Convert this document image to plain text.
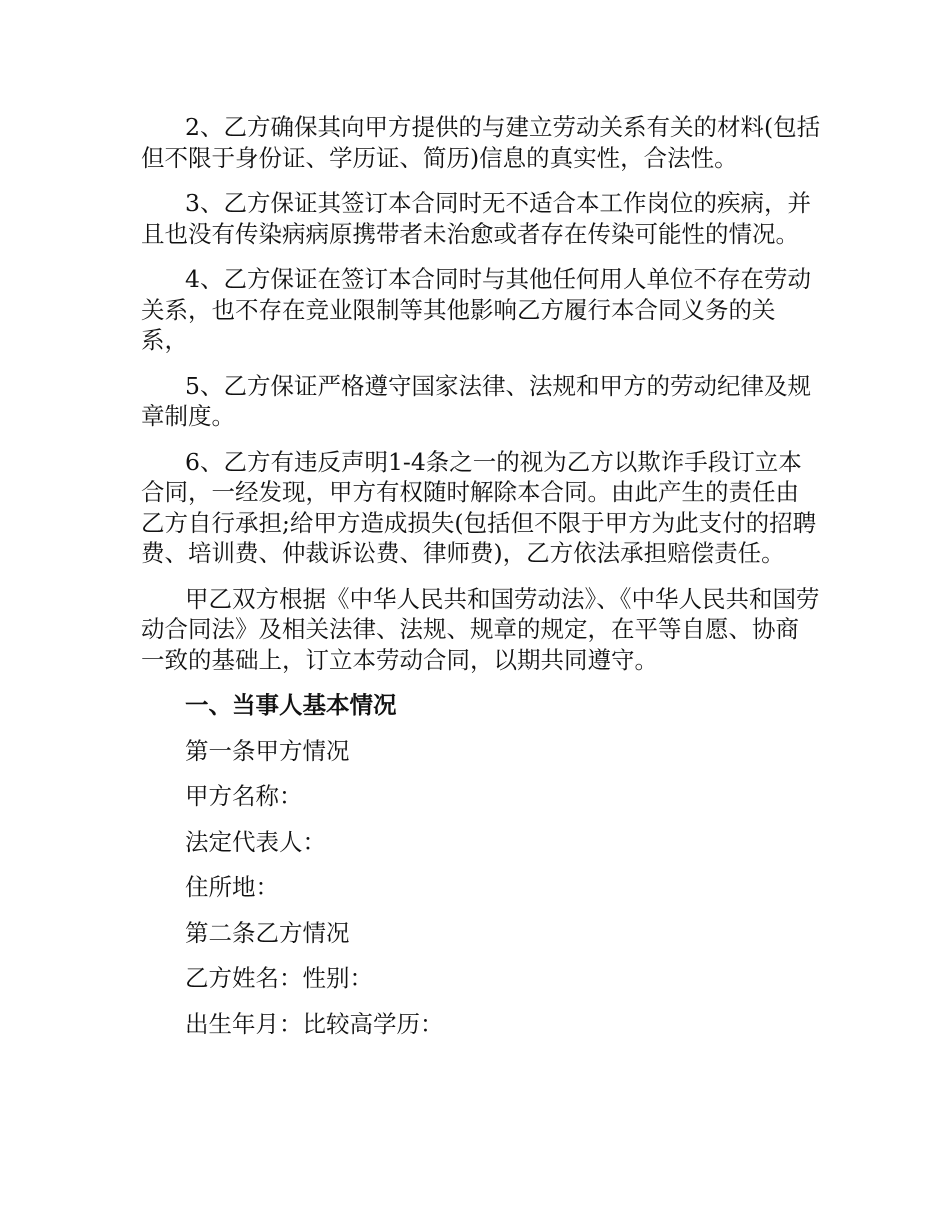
2、乙方确保其向甲方提供的与建立劳动关系有关的材料(包括但不限于身份证、学历证、简历)信息的真实性，合法性。

3、乙方保证其签订本合同时无不适合本工作岗位的疾病，并且也没有传染病病原携带者未治愈或者存在传染可能性的情况。

4、乙方保证在签订本合同时与其他任何用人单位不存在劳动关系，也不存在竞业限制等其他影响乙方履行本合同义务的关系，

5、乙方保证严格遵守国家法律、法规和甲方的劳动纪律及规章制度。

6、乙方有违反声明1-4条之一的视为乙方以欺诈手段订立本合同，一经发现，甲方有权随时解除本合同。由此产生的责任由乙方自行承担;给甲方造成损失(包括但不限于甲方为此支付的招聘费、培训费、仲裁诉讼费、律师费)，乙方依法承担赔偿责任。

甲乙双方根据《中华人民共和国劳动法》、《中华人民共和国劳动合同法》及相关法律、法规、规章的规定，在平等自愿、协商一致的基础上，订立本劳动合同，以期共同遵守。

一、当事人基本情况

第一条甲方情况

甲方名称：

法定代表人：

住所地：

第二条乙方情况

乙方姓名：性别：

出生年月：比较高学历：
